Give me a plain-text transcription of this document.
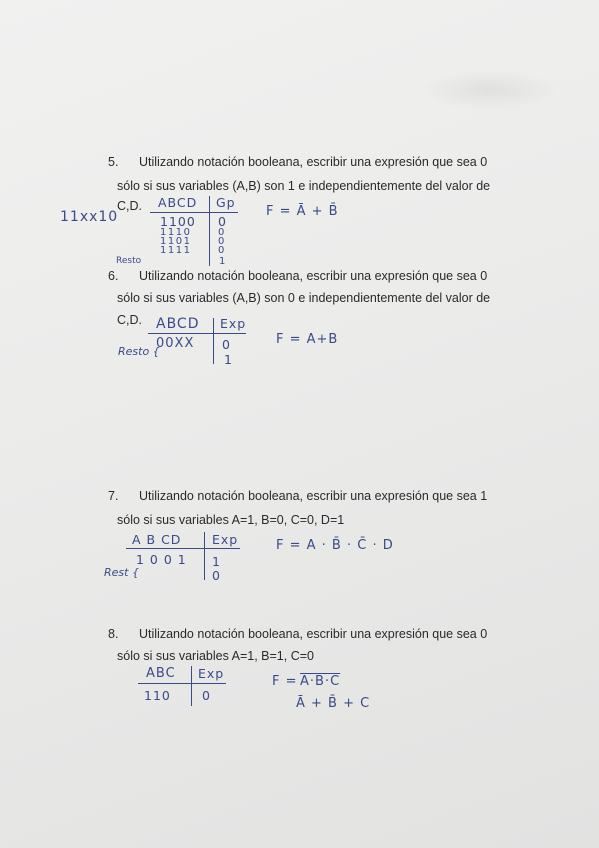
5. Utilizando notación booleana, escribir una expresión que sea 0
sólo si sus variables (A,B) son 1 e independientemente del valor de
C,D.
11xx10
ABCD Gp
1100
1110
1101
1111
0
0
0
0
Resto	1
F = Ā + B̄
6. Utilizando notación booleana, escribir una expresión que sea 0
sólo si sus variables (A,B) son 0 e independientemente del valor de
C,D.	ABCD Exp
00XX 0
1
Resto {
F = A+B
7. Utilizando notación booleana, escribir una expresión que sea 1
sólo si sus variables A=1, B=0, C=0, D=1
A B CD Exp
1 0 0 1 1
0
Rest {
F = A · B̄ · C̄ · D
8. Utilizando notación booleana, escribir una expresión que sea 0
sólo si sus variables A=1, B=1, C=0
ABC Exp
110 0
F = A·B·C
Ā + B̄ + C
